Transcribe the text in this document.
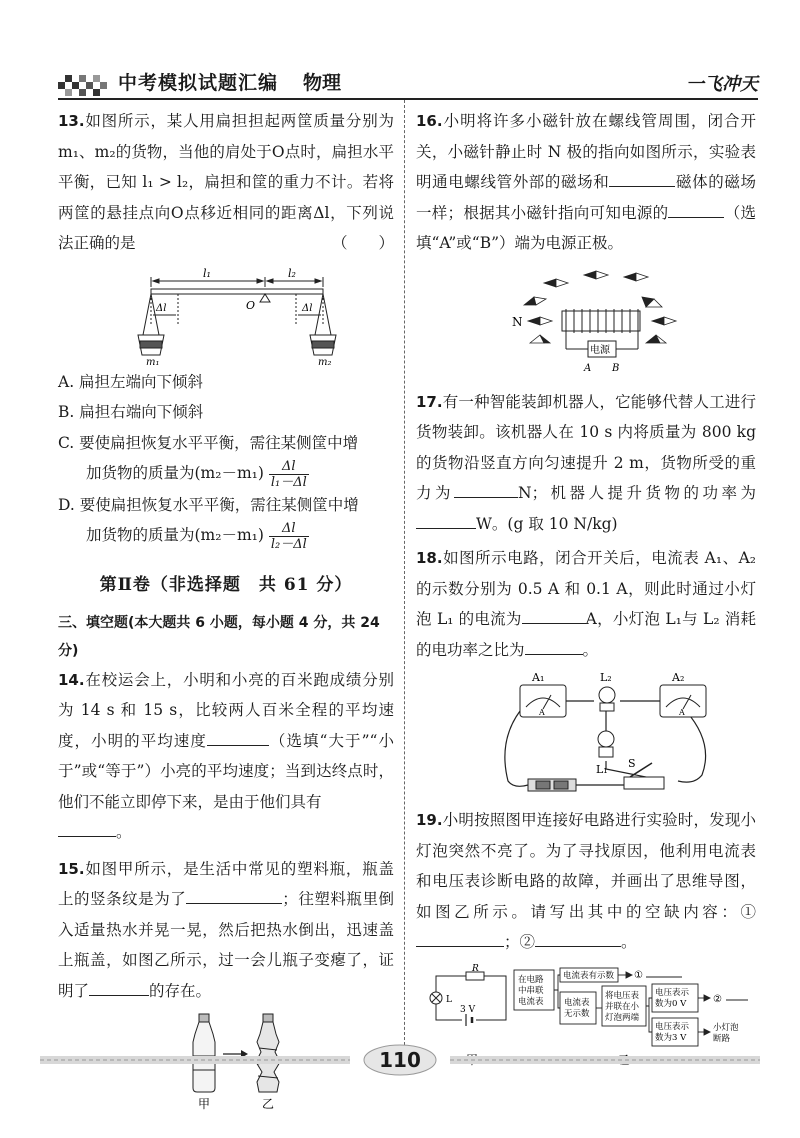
中考模拟试题汇编 物理	一飞冲天
13.如图所示，某人用扁担担起两筐质量分别为m₁、m₂的货物，当他的肩处于O点时，扁担水平平衡，已知 l₁ > l₂，扁担和筐的重力不计。若将两筐的悬挂点向O点移近相同的距离Δl，下列说法正确的是	（　　）
l₁	l₂
O
Δl	Δl
m₁	m₂
A. 扁担左端向下倾斜
B. 扁担右端向下倾斜
C. 要使扁担恢复水平平衡，需往某侧筐中增
加货物的质量为$(m_2-m_1) \frac{\Delta l}{\text{l₁－Δl}}$
D. 要使扁担恢复水平平衡，需往某侧筐中增
加货物的质量为$(m_2-m_1) \frac{\Delta l}{\text{l₂－Δl}}$
第Ⅱ卷（非选择题　共 61 分）
三、填空题(本大题共 6 小题，每小题 4 分，共 24 分)
14.在校运会上，小明和小亮的百米跑成绩分别为 14 s 和 15 s，比较两人百米全程的平均速度，小明的平均速度	（选填“大于”“小于”或“等于”）小亮的平均速度；当到达终点时，他们不能立即停下来，是由于他们具有
。
15.如图甲所示，是生活中常见的塑料瓶，瓶盖上的竖条纹是为了	；往塑料瓶里倒入适量热水并晃一晃，然后把热水倒出，迅速盖上瓶盖，如图乙所示，过一会儿瓶子变瘪了，证明了	的存在。
甲	乙
16.小明将许多小磁针放在螺线管周围，闭合开关，小磁针静止时 N 极的指向如图所示，实验表明通电螺线管外部的磁场和	磁体的磁场一样；根据其小磁针指向可知电源的	（选填“A”或“B”）端为电源正极。
N
电源
A B
17.有一种智能装卸机器人，它能够代替人工进行货物装卸。该机器人在 10 s 内将质量为 800 kg 的货物沿竖直方向匀速提升 2 m，货物所受的重力为	N；机器人提升货物的功率为W。(g 取 10 N/kg)
18.如图所示电路，闭合开关后，电流表 A₁、A₂的示数分别为 0.5 A 和 0.1 A，则此时通过小灯泡 L₁ 的电流为	A，小灯泡 L₁与 L₂ 消耗的电功率之比为	。
A
A₁
A
A₂
L₂
L₁ S
19.小明按照图甲连接好电路进行实验时，发现小灯泡突然不亮了。为了寻找原因，他利用电流表和电压表诊断电路的故障，并画出了思维导图，如图乙所示。请写出其中的空缺内容：①；②	。
R
L
3 V
在电路
中串联
电流表
电流表有示数 ①
电流表
无示数
将电压表
并联在小
灯泡两端
电压表示
数为0 V	②
电压表示
数为3 V
小灯泡
断路
110
